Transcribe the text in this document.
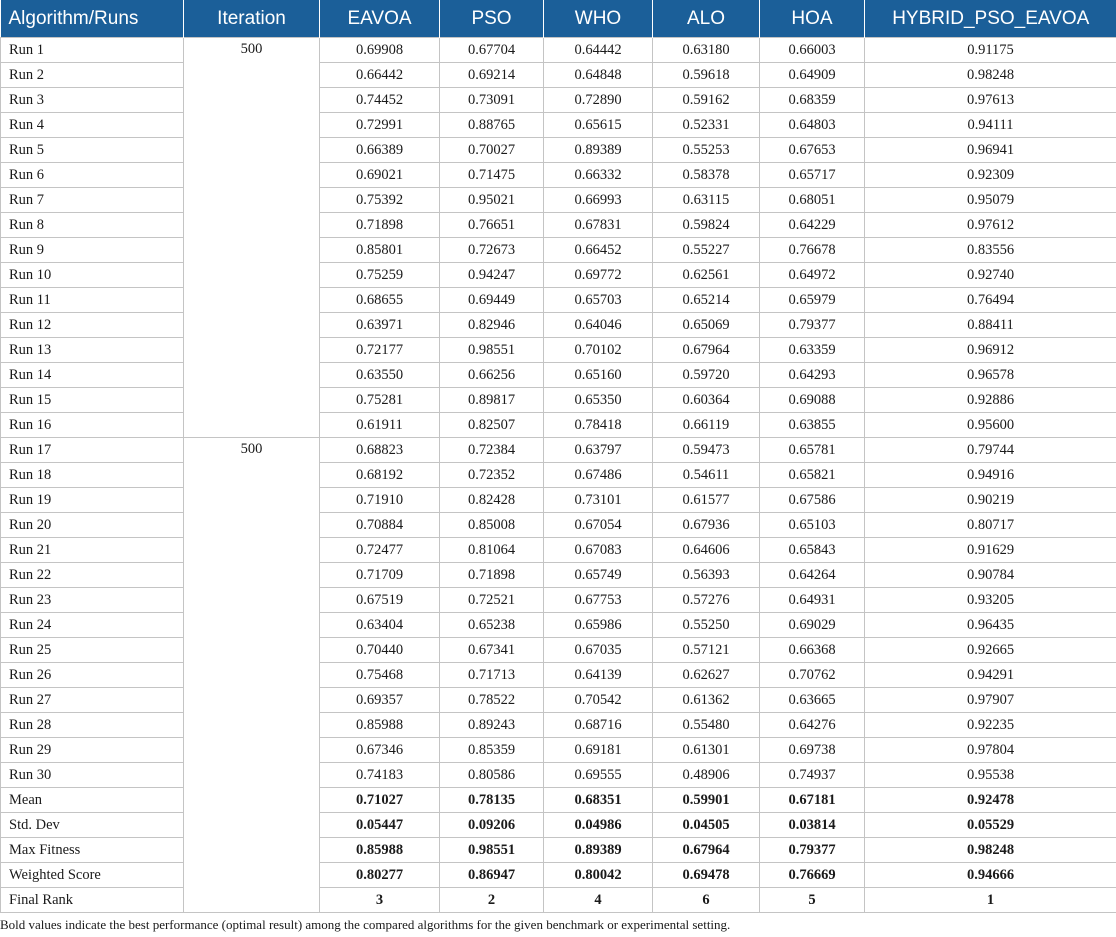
Algorithm/Runs	Iteration	EAVOA	PSO	WHO	ALO	HOA	HYBRID_PSO_EAVOA
Run 1	500	0.69908	0.67704	0.64442	0.63180	0.66003	0.91175
Run 2		0.66442	0.69214	0.64848	0.59618	0.64909	0.98248
Run 3		0.74452	0.73091	0.72890	0.59162	0.68359	0.97613
Run 4		0.72991	0.88765	0.65615	0.52331	0.64803	0.94111
Run 5		0.66389	0.70027	0.89389	0.55253	0.67653	0.96941
Run 6		0.69021	0.71475	0.66332	0.58378	0.65717	0.92309
Run 7		0.75392	0.95021	0.66993	0.63115	0.68051	0.95079
Run 8		0.71898	0.76651	0.67831	0.59824	0.64229	0.97612
Run 9		0.85801	0.72673	0.66452	0.55227	0.76678	0.83556
Run 10		0.75259	0.94247	0.69772	0.62561	0.64972	0.92740
Run 11		0.68655	0.69449	0.65703	0.65214	0.65979	0.76494
Run 12		0.63971	0.82946	0.64046	0.65069	0.79377	0.88411
Run 13		0.72177	0.98551	0.70102	0.67964	0.63359	0.96912
Run 14		0.63550	0.66256	0.65160	0.59720	0.64293	0.96578
Run 15		0.75281	0.89817	0.65350	0.60364	0.69088	0.92886
Run 16		0.61911	0.82507	0.78418	0.66119	0.63855	0.95600
Run 17	500	0.68823	0.72384	0.63797	0.59473	0.65781	0.79744
Run 18		0.68192	0.72352	0.67486	0.54611	0.65821	0.94916
Run 19		0.71910	0.82428	0.73101	0.61577	0.67586	0.90219
Run 20		0.70884	0.85008	0.67054	0.67936	0.65103	0.80717
Run 21		0.72477	0.81064	0.67083	0.64606	0.65843	0.91629
Run 22		0.71709	0.71898	0.65749	0.56393	0.64264	0.90784
Run 23		0.67519	0.72521	0.67753	0.57276	0.64931	0.93205
Run 24		0.63404	0.65238	0.65986	0.55250	0.69029	0.96435
Run 25		0.70440	0.67341	0.67035	0.57121	0.66368	0.92665
Run 26		0.75468	0.71713	0.64139	0.62627	0.70762	0.94291
Run 27		0.69357	0.78522	0.70542	0.61362	0.63665	0.97907
Run 28		0.85988	0.89243	0.68716	0.55480	0.64276	0.92235
Run 29		0.67346	0.85359	0.69181	0.61301	0.69738	0.97804
Run 30		0.74183	0.80586	0.69555	0.48906	0.74937	0.95538
Mean		0.71027	0.78135	0.68351	0.59901	0.67181	0.92478
Std. Dev		0.05447	0.09206	0.04986	0.04505	0.03814	0.05529
Max Fitness		0.85988	0.98551	0.89389	0.67964	0.79377	0.98248
Weighted Score		0.80277	0.86947	0.80042	0.69478	0.76669	0.94666
Final Rank		3	2	4	6	5	1
Bold values indicate the best performance (optimal result) among the compared algorithms for the given benchmark or experimental setting.
